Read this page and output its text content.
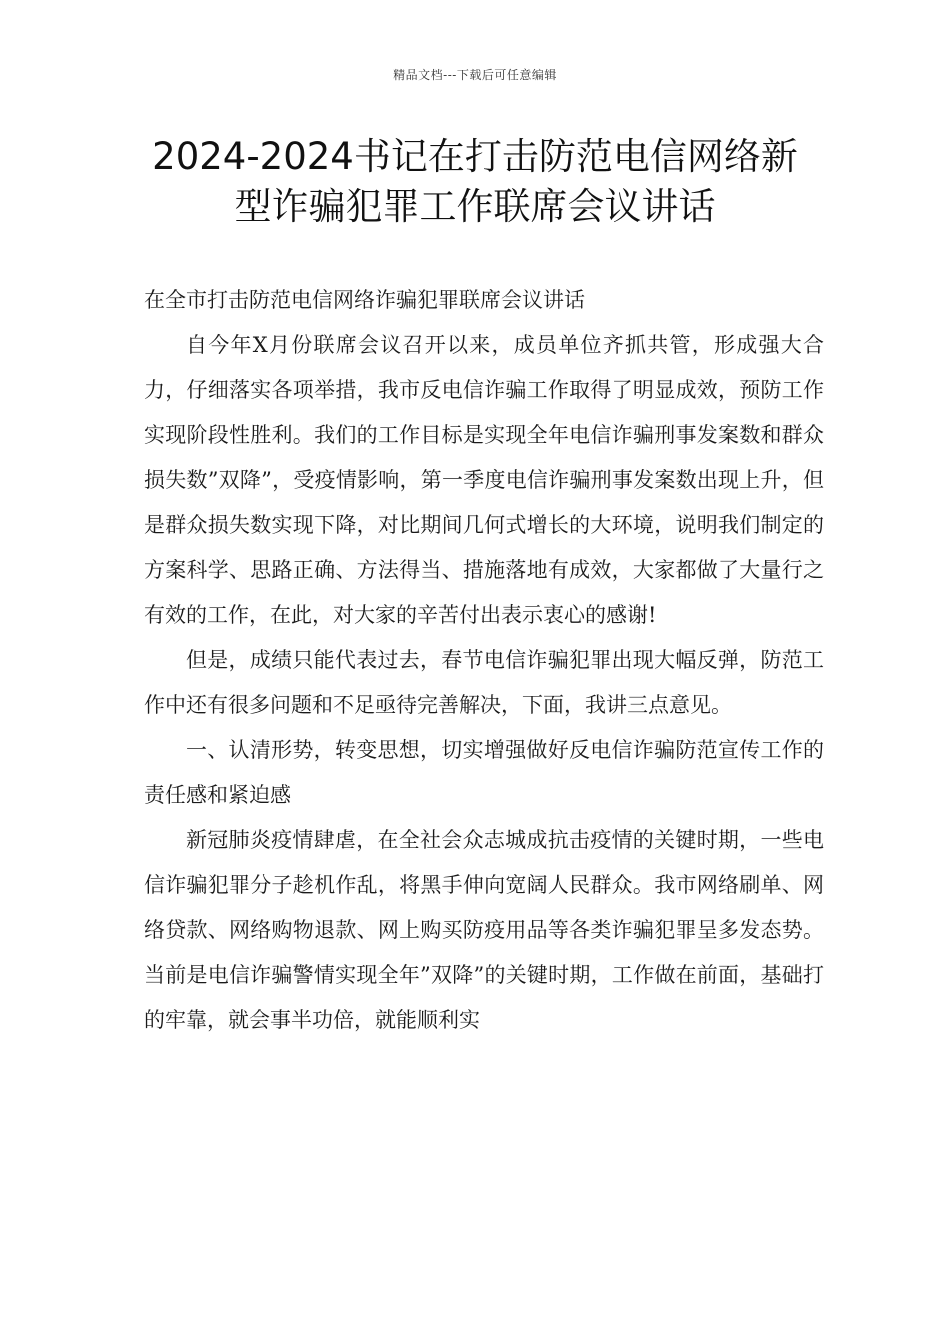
精品文档---下载后可任意编辑
2024-2024书记在打击防范电信网络新
型诈骗犯罪工作联席会议讲话

在全市打击防范电信网络诈骗犯罪联席会议讲话

自今年X月份联席会议召开以来，成员单位齐抓共管，形成强大合力，仔细落实各项举措，我市反电信诈骗工作取得了明显成效，预防工作实现阶段性胜利。我们的工作目标是实现全年电信诈骗刑事发案数和群众损失数”双降”，受疫情影响，第一季度电信诈骗刑事发案数出现上升，但是群众损失数实现下降，对比期间几何式增长的大环境，说明我们制定的方案科学、思路正确、方法得当、措施落地有成效，大家都做了大量行之有效的工作，在此，对大家的辛苦付出表示衷心的感谢!

但是，成绩只能代表过去，春节电信诈骗犯罪出现大幅反弹，防范工作中还有很多问题和不足亟待完善解决，下面，我讲三点意见。

一、认清形势，转变思想，切实增强做好反电信诈骗防范宣传工作的责任感和紧迫感

新冠肺炎疫情肆虐，在全社会众志城成抗击疫情的关键时期，一些电信诈骗犯罪分子趁机作乱，将黑手伸向宽阔人民群众。我市网络刷单、网络贷款、网络购物退款、网上购买防疫用品等各类诈骗犯罪呈多发态势。当前是电信诈骗警情实现全年”双降”的关键时期，工作做在前面，基础打的牢靠，就会事半功倍，就能顺利实
